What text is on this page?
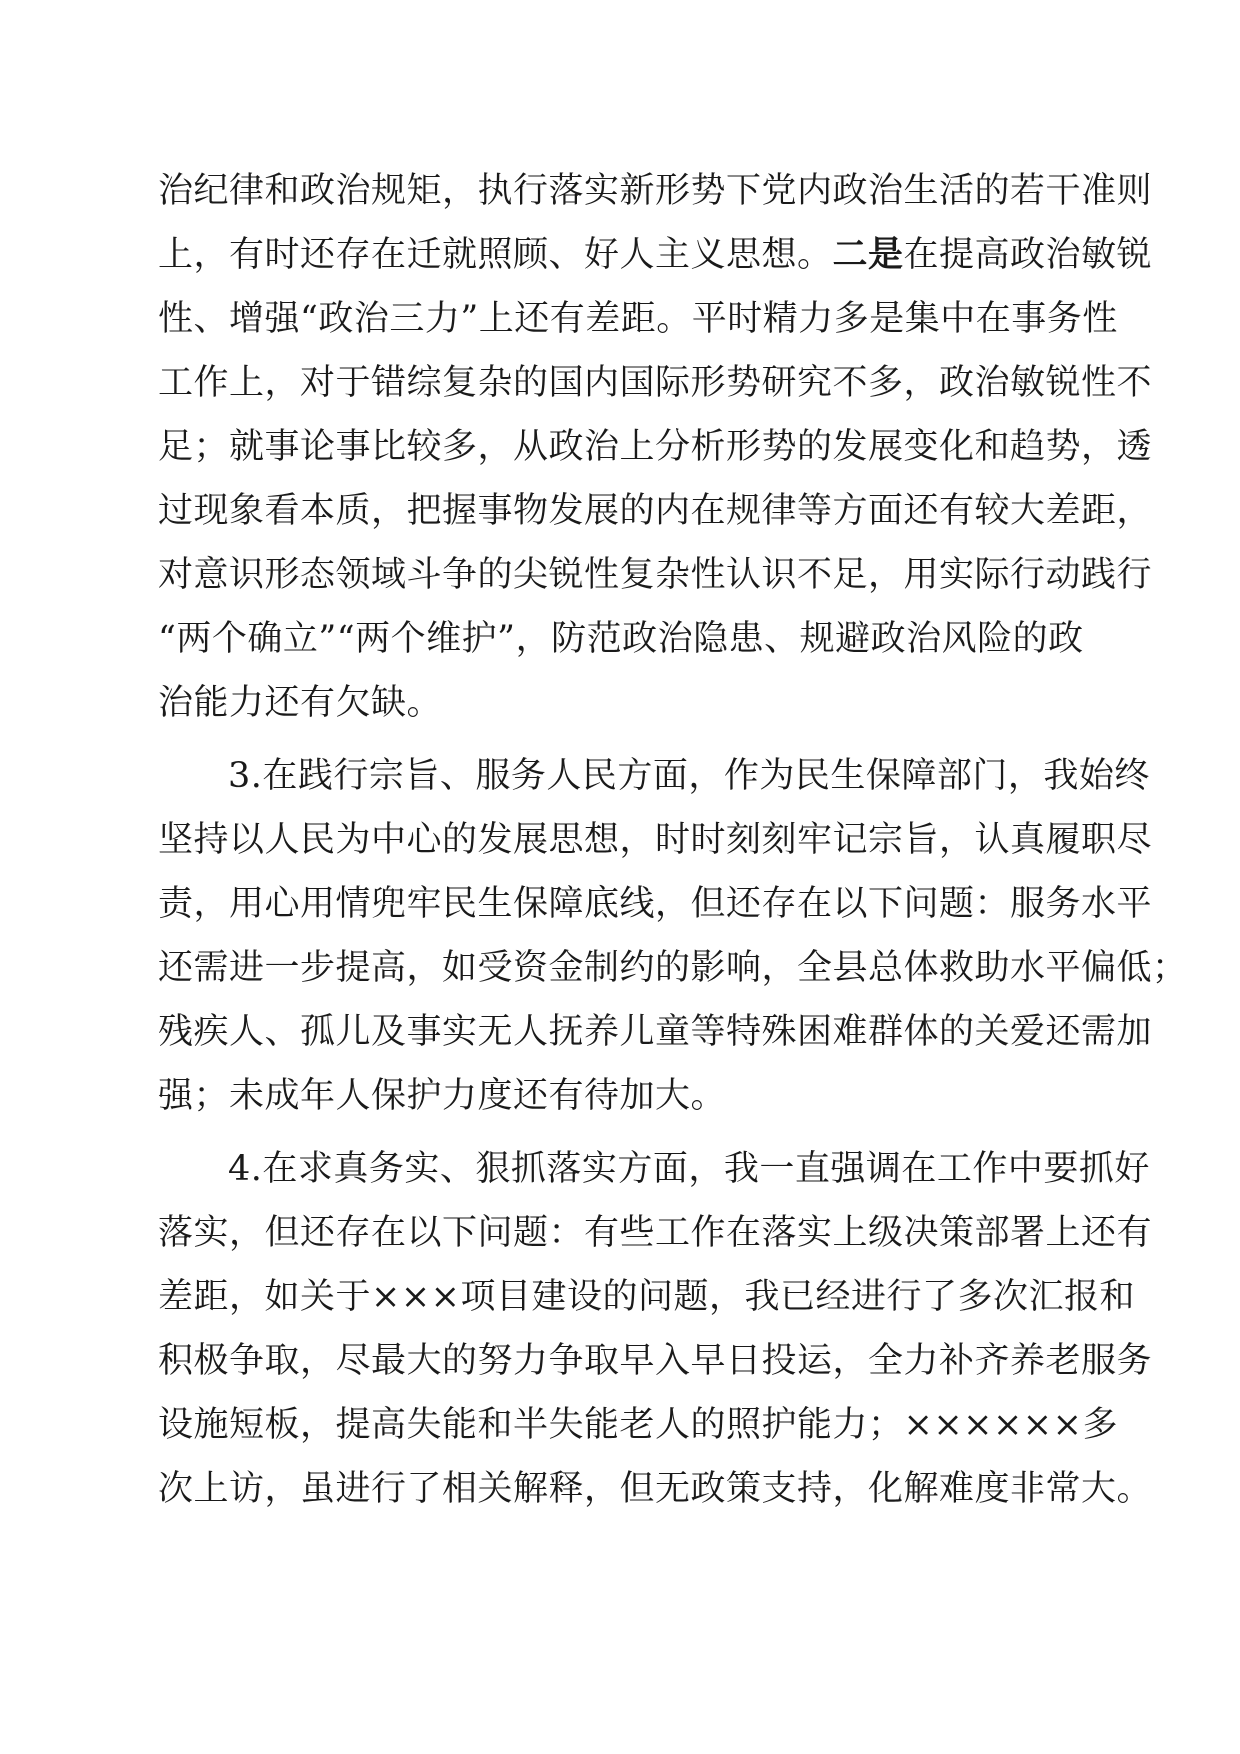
治纪律和政治规矩，执行落实新形势下党内政治生活的若干准则
上，有时还存在迁就照顾、好人主义思想。二是在提高政治敏锐
性、增强“政治三力”上还有差距。平时精力多是集中在事务性
工作上，对于错综复杂的国内国际形势研究不多，政治敏锐性不
足；就事论事比较多，从政治上分析形势的发展变化和趋势，透
过现象看本质，把握事物发展的内在规律等方面还有较大差距，
对意识形态领域斗争的尖锐性复杂性认识不足，用实际行动践行
“两个确立”“两个维护”，防范政治隐患、规避政治风险的政
治能力还有欠缺。
3.在践行宗旨、服务人民方面，作为民生保障部门，我始终
坚持以人民为中心的发展思想，时时刻刻牢记宗旨，认真履职尽
责，用心用情兜牢民生保障底线，但还存在以下问题：服务水平
还需进一步提高，如受资金制约的影响，全县总体救助水平偏低；
残疾人、孤儿及事实无人抚养儿童等特殊困难群体的关爱还需加
强；未成年人保护力度还有待加大。
4.在求真务实、狠抓落实方面，我一直强调在工作中要抓好
落实，但还存在以下问题：有些工作在落实上级决策部署上还有
差距，如关于×××项目建设的问题，我已经进行了多次汇报和
积极争取，尽最大的努力争取早入早日投运，全力补齐养老服务
设施短板，提高失能和半失能老人的照护能力；××××××多
次上访，虽进行了相关解释，但无政策支持，化解难度非常大。
